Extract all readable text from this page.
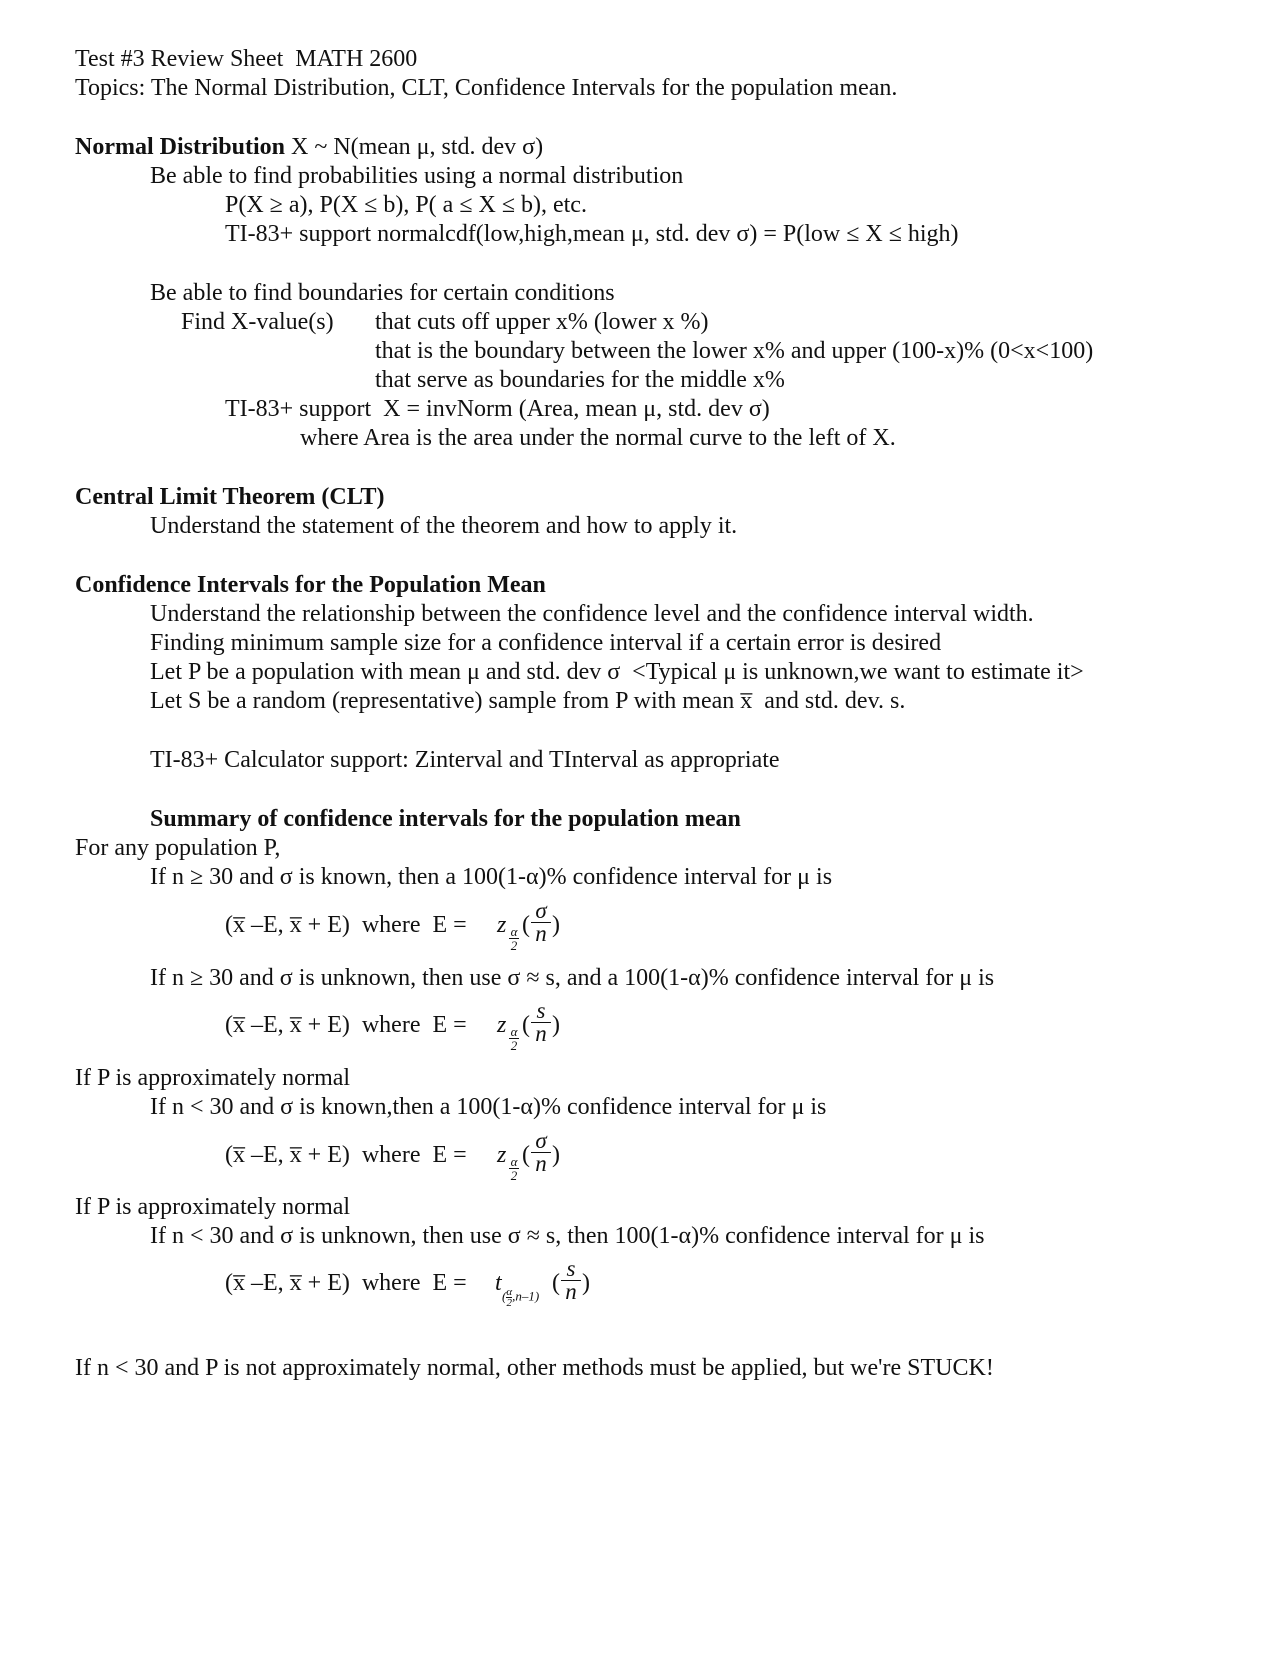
Test #3 Review Sheet  MATH 2600
Topics: The Normal Distribution, CLT, Confidence Intervals for the population mean.
Normal Distribution X ~ N(mean μ, std. dev σ)
Be able to find probabilities using a normal distribution
P(X ≥ a), P(X ≤ b), P( a ≤ X ≤ b), etc.
TI-83+ support normalcdf(low,high,mean μ, std. dev σ) = P(low ≤ X ≤ high)
Be able to find boundaries for certain conditions
Find X-value(s) that cuts off upper x% (lower x %)
that is the boundary between the lower x% and upper (100-x)% (0<x<100)
that serve as boundaries for the middle x%
TI-83+ support  X = invNorm (Area, mean μ, std. dev σ)
where Area is the area under the normal curve to the left of X.
Central Limit Theorem (CLT)
Understand the statement of the theorem and how to apply it.
Confidence Intervals for the Population Mean
Understand the relationship between the confidence level and the confidence interval width.
Finding minimum sample size for a confidence interval if a certain error is desired
Let P be a population with mean μ and std. dev σ  <Typical μ is unknown,we want to estimate it>
Let S be a random (representative) sample from P with mean x̅  and std. dev. s.
TI-83+ Calculator support: Zinterval and TInterval as appropriate
Summary of confidence intervals for the population mean
For any population P,
If n ≥ 30 and σ is known, then a 100(1-α)% confidence interval for μ is
(x̅ –E, x̅ + E)  where  E = z α
2
(
σ
n )
If n ≥ 30 and σ is unknown, then use σ ≈ s, and a 100(1-α)% confidence interval for μ is
(x̅ –E, x̅ + E)  where  E = z α
2
(
s
n )
If P is approximately normal
If n < 30 and σ is known,then a 100(1-α)% confidence interval for μ is
(x̅ –E, x̅ + E)  where  E = z α
2
(
σ
n )
If P is approximately normal
If n < 30 and σ is unknown, then use σ ≈ s, then 100(1-α)% confidence interval for μ is
(x̅ –E, x̅ + E)  where  E = t $(\frac{\alpha}{2},n-1)$ (
s
n )
If n < 30 and P is not approximately normal, other methods must be applied, but we're STUCK!
